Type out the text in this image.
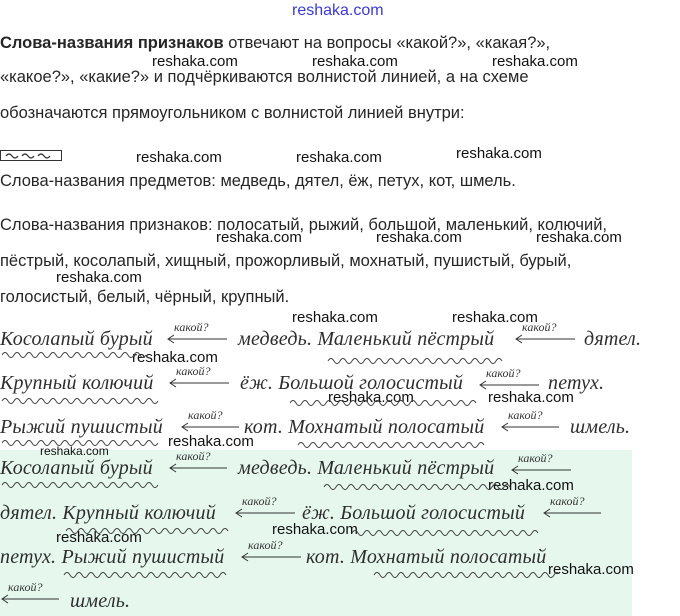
reshaka.com
Слова-названия признаков отвечают на вопросы «какой?», «какая?»,
«какое?», «какие?» и подчёркиваются волнистой линией, а на схеме
обозначаются прямоугольником с волнистой линией внутри:
Слова-названия предметов: медведь, дятел, ёж, петух, кот, шмель.
Слова-названия признаков: полосатый, рыжий, большой, маленький, колючий,
пёстрый, косолапый, хищный, прожорливый, мохнатый, пушистый, бурый,
голосистый, белый, чёрный, крупный.
reshaka.com	reshaka.com	reshaka.com
reshaka.com	reshaka.com	reshaka.com
reshaka.com	reshaka.com	reshaka.com
reshaka.com
reshaka.com	reshaka.com
reshaka.com
reshaka.com	reshaka.com
reshaka.com
reshaka.com
reshaka.com
reshaka.com
reshaka.com
reshaka.com
Косолапый бурый
какой?
медведь. Маленький пёстрый
какой?
дятел.
Крупный колючий
какой?
ёж. Большой голосистый какой? петух.
Рыжий пушистый
какой?
кот. Мохнатый полосатый
какой?
шмель.
Косолапый бурый
какой?
медведь. Маленький пёстрый какой?
дятел. Крупный колючий
какой?
ёж. Большой голосистый
какой?
петух. Рыжий пушистый
какой?
кот. Мохнатый полосатый
какой?
шмель.
